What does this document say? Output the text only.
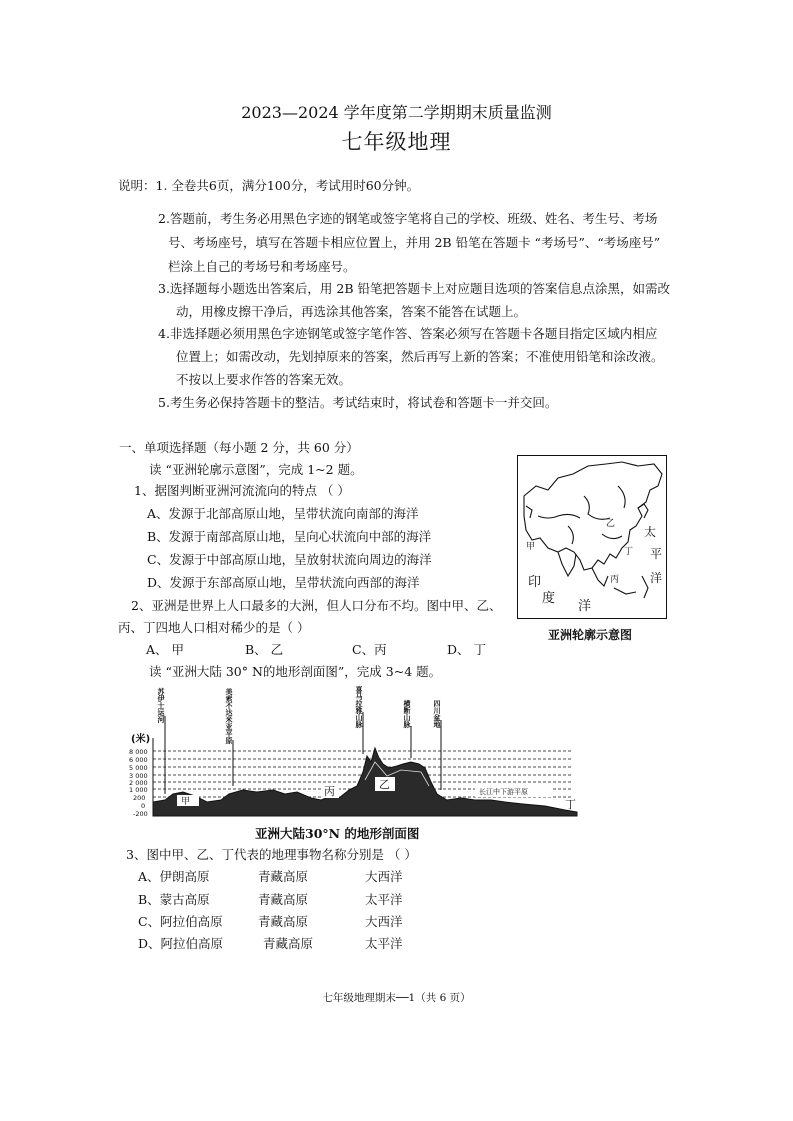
2023—2024 学年度第二学期期末质量监测
七年级地理
说明：1. 全卷共6页，满分100分，考试用时60分钟。
2.答题前，考生务必用黑色字迹的钢笔或签字笔将自己的学校、班级、姓名、考生号、考场
号、考场座号，填写在答题卡相应位置上，并用 2B 铅笔在答题卡 “考场号”、“考场座号”
栏涂上自己的考场号和考场座号。
3.选择题每小题选出答案后，用 2B 铅笔把答题卡上对应题目选项的答案信息点涂黑，如需改
动，用橡皮擦干净后，再选涂其他答案，答案不能答在试题上。
4.非选择题必须用黑色字迹钢笔或签字笔作答、答案必须写在答题卡各题目指定区域内相应
位置上；如需改动，先划掉原来的答案，然后再写上新的答案；不准使用铅笔和涂改液。
不按以上要求作答的答案无效。
5.考生务必保持答题卡的整洁。考试结束时，将试卷和答题卡一并交回。
一、单项选择题（每小题 2 分，共 60 分）
读 “亚洲轮廓示意图”，完成 1~2 题。
1、据图判断亚洲河流流向的特点 （ ）
A、发源于北部高原山地，呈带状流向南部的海洋
B、发源于南部高原山地，呈向心状流向中部的海洋
C、发源于中部高原山地，呈放射状流向周边的海洋
D、发源于东部高原山地，呈带状流向西部的海洋
2、亚洲是世界上人口最多的大洲，但人口分布不均。图中甲、乙、
丙、丁四地人口相对稀少的是（ ）
A、 甲	B、 乙	C、丙	D、 丁
甲	丁
丙
乙
太
平
洋
印
度
洋
亚洲轮廓示意图
读 “亚洲大陆 30° N的地形剖面图”，完成 3~4 题。
(米)
8 000
6 000
5 000
3 000
2 000
1 000
200
0
-200
甲
丙
乙
丁
长江中下游平原
苏伊士运河	美索不达米亚平原	喜马拉雅山脉	横断山脉	四川盆地
亚洲大陆30°N 的地形剖面图
3、图中甲、乙、丁代表的地理事物名称分别是 （ ）
A、伊朗高原	青藏高原	大西洋
B、蒙古高原	青藏高原	太平洋
C、阿拉伯高原	青藏高原	大西洋
D、阿拉伯高原	青藏高原	太平洋
七年级地理期末──1（共 6 页）
